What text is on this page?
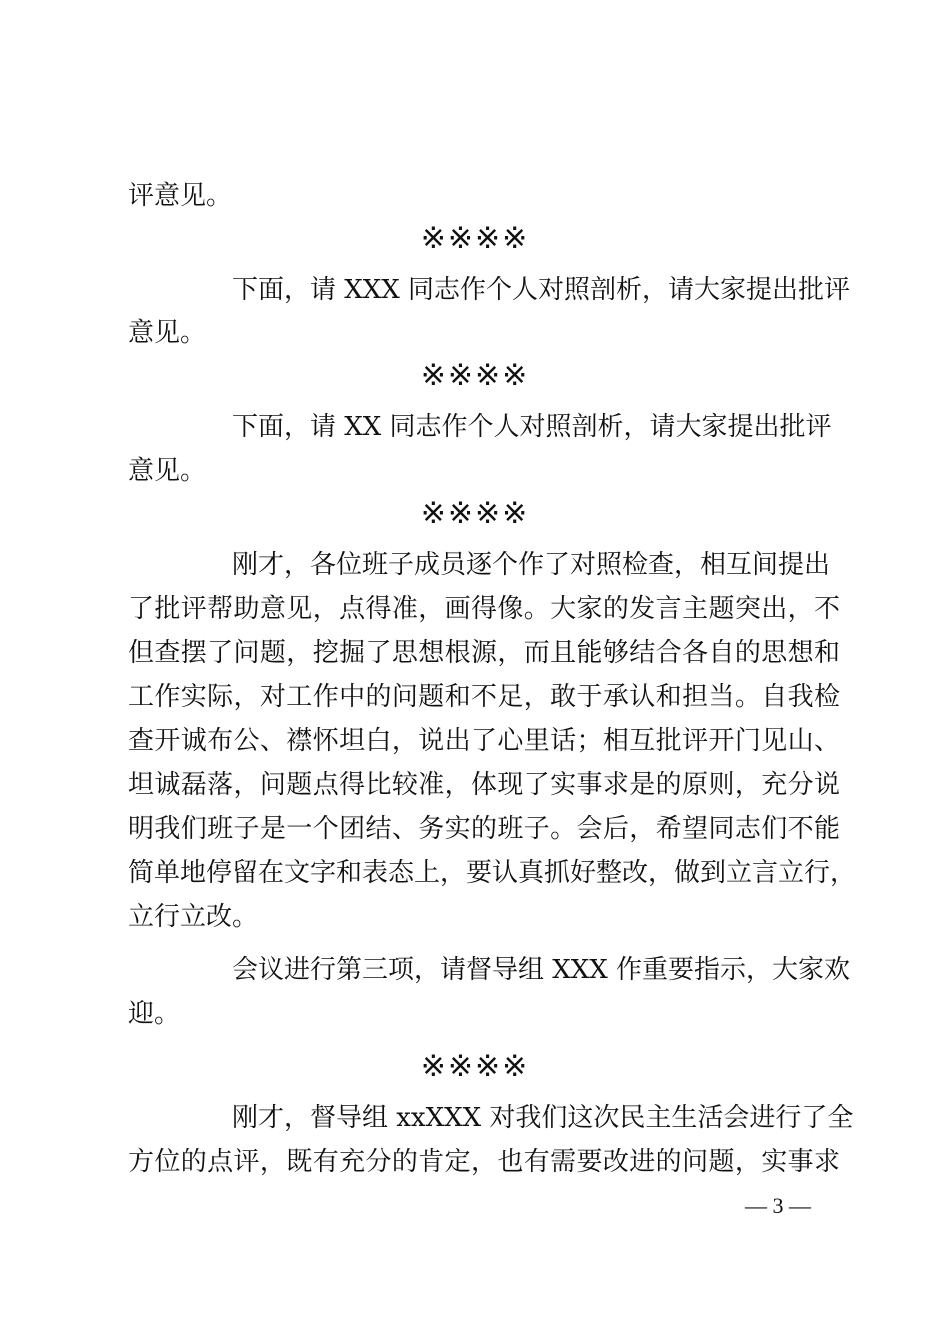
评意见。
※※※※
下面，请 XXX 同志作个人对照剖析，请大家提出批评
意见。
※※※※
下面，请 XX 同志作个人对照剖析，请大家提出批评
意见。
※※※※
刚才，各位班子成员逐个作了对照检查，相互间提出
了批评帮助意见，点得准，画得像。大家的发言主题突出，不
但查摆了问题，挖掘了思想根源，而且能够结合各自的思想和
工作实际，对工作中的问题和不足，敢于承认和担当。自我检
查开诚布公、襟怀坦白，说出了心里话；相互批评开门见山、
坦诚磊落，问题点得比较准，体现了实事求是的原则，充分说
明我们班子是一个团结、务实的班子。会后，希望同志们不能
简单地停留在文字和表态上，要认真抓好整改，做到立言立行，
立行立改。
会议进行第三项，请督导组 XXX 作重要指示，大家欢
迎。
※※※※
刚才，督导组 xxXXX 对我们这次民主生活会进行了全
方位的点评，既有充分的肯定，也有需要改进的问题，实事求
— 3 —
